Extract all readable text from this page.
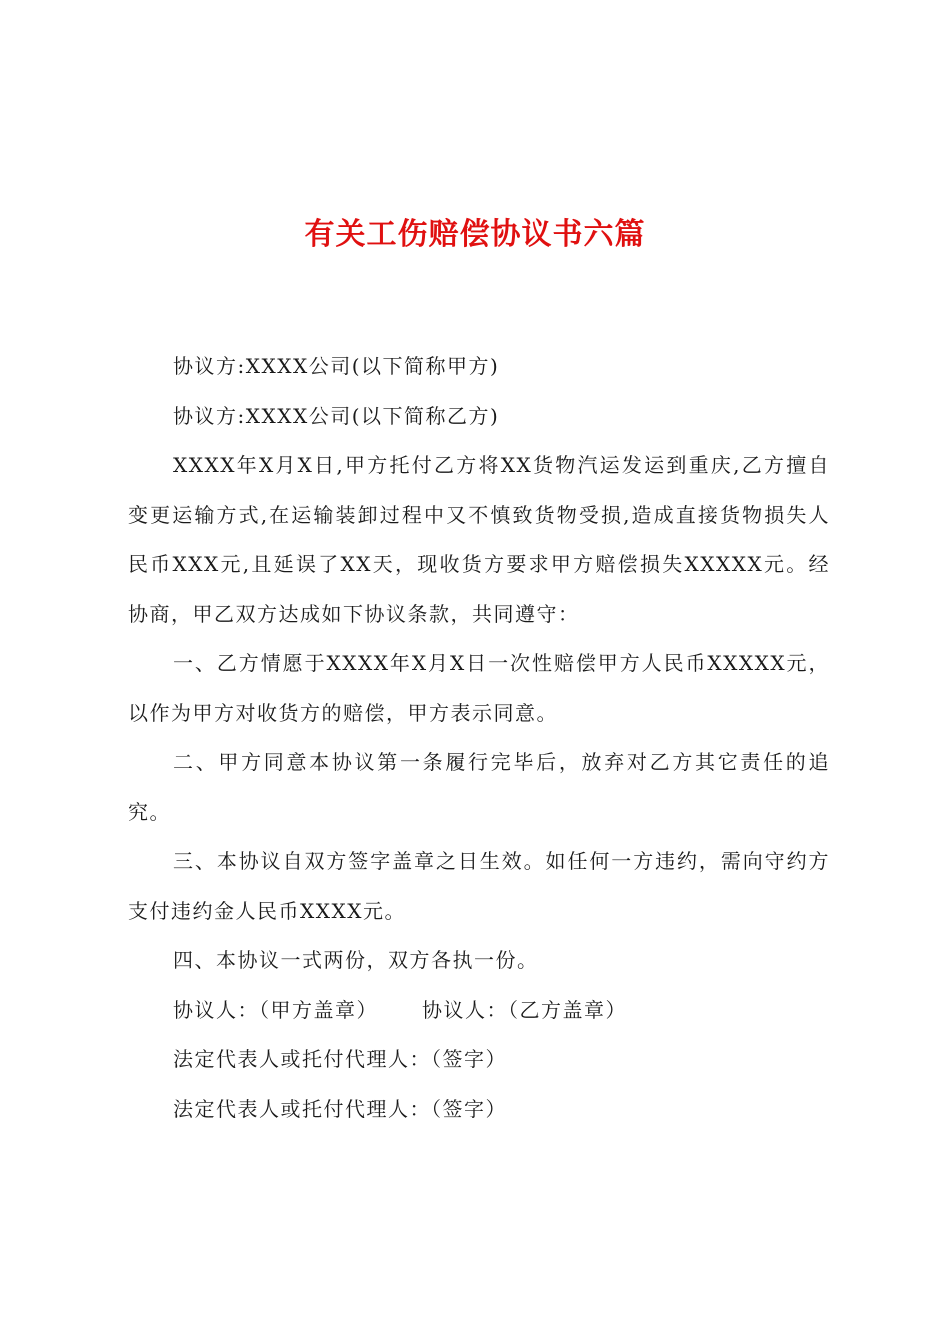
有关工伤赔偿协议书六篇

协议方:XXXX公司(以下简称甲方)

协议方:XXXX公司(以下简称乙方)

XXXX年X月X日,甲方托付乙方将XX货物汽运发运到重庆,乙方擅自变更运输方式,在运输装卸过程中又不慎致货物受损,造成直接货物损失人民币XXX元,且延误了XX天，现收货方要求甲方赔偿损失XXXXX元。经协商，甲乙双方达成如下协议条款，共同遵守：

一、乙方情愿于XXXX年X月X日一次性赔偿甲方人民币XXXXX元，以作为甲方对收货方的赔偿，甲方表示同意。

二、甲方同意本协议第一条履行完毕后，放弃对乙方其它责任的追究。

三、本协议自双方签字盖章之日生效。如任何一方违约，需向守约方支付违约金人民币XXXX元。

四、本协议一式两份，双方各执一份。

协议人：（甲方盖章） 协议人：（乙方盖章）

法定代表人或托付代理人：（签字）

法定代表人或托付代理人：（签字）
